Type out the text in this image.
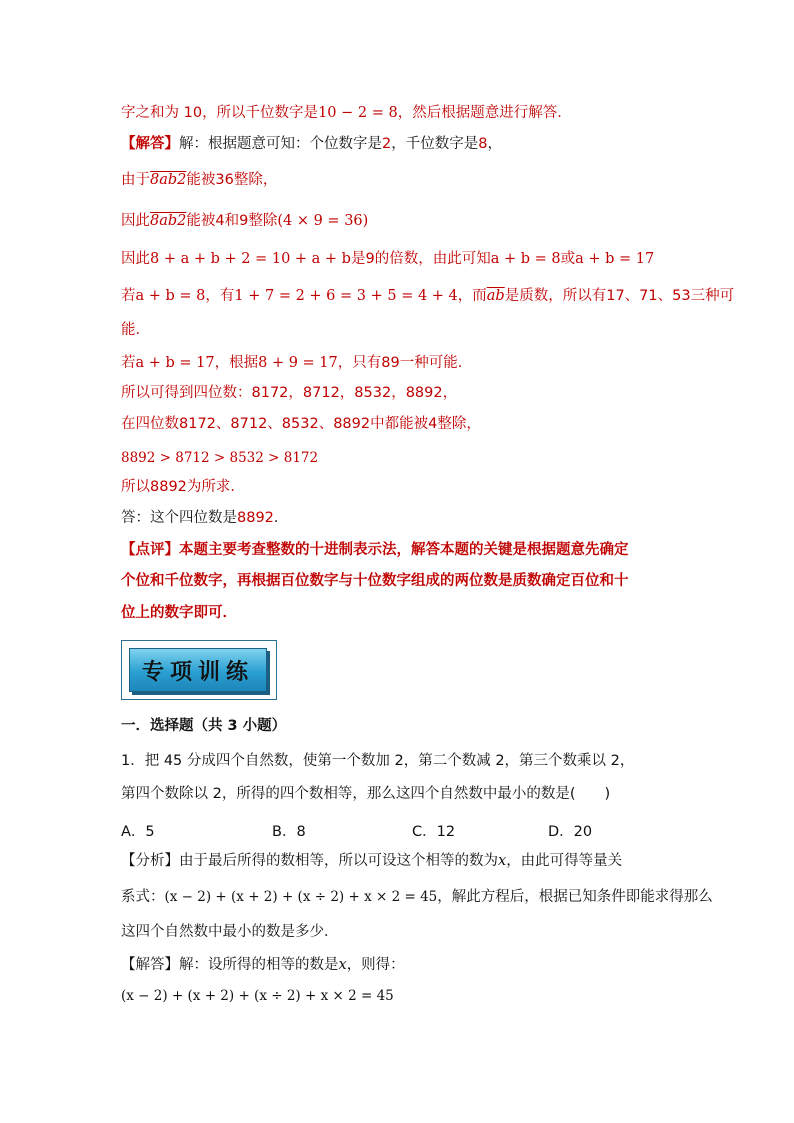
字之和为 10，所以千位数字是10 − 2 = 8，然后根据题意进行解答．
【解答】解：根据题意可知：个位数字是2，千位数字是8，
由于8ab2能被36整除，
因此8ab2能被4和9整除(4 × 9 = 36)
因此8 + a + b + 2 = 10 + a + b是9的倍数，由此可知a + b = 8或a + b = 17
若a + b = 8，有1 + 7 = 2 + 6 = 3 + 5 = 4 + 4，而$\overline{ab}$是质数，所以有17、71、53三种可
能．
若a + b = 17，根据8 + 9 = 17，只有89一种可能．
所以可得到四位数：8172，8712，8532，8892，
在四位数8172、8712、8532、8892中都能被4整除，
8892 > 8712 > 8532 > 8172
所以8892为所求．
答：这个四位数是8892．
【点评】本题主要考查整数的十进制表示法，解答本题的关键是根据题意先确定
个位和千位数字，再根据百位数字与十位数字组成的两位数是质数确定百位和十
位上的数字即可．
专项训练
一．选择题（共 3 小题）
1．把 45 分成四个自然数，使第一个数加 2，第二个数减 2，第三个数乘以 2，
第四个数除以 2，所得的四个数相等，那么这四个自然数中最小的数是(　　)
A．5	B．8	C．12	D．20
【分析】由于最后所得的数相等，所以可设这个相等的数为x，由此可得等量关
系式：(x − 2) + (x + 2) + (x ÷ 2) + x × 2 = 45，解此方程后，根据已知条件即能求得那么
这四个自然数中最小的数是多少．
【解答】解：设所得的相等的数是x，则得：
(x − 2) + (x + 2) + (x ÷ 2) + x × 2 = 45
